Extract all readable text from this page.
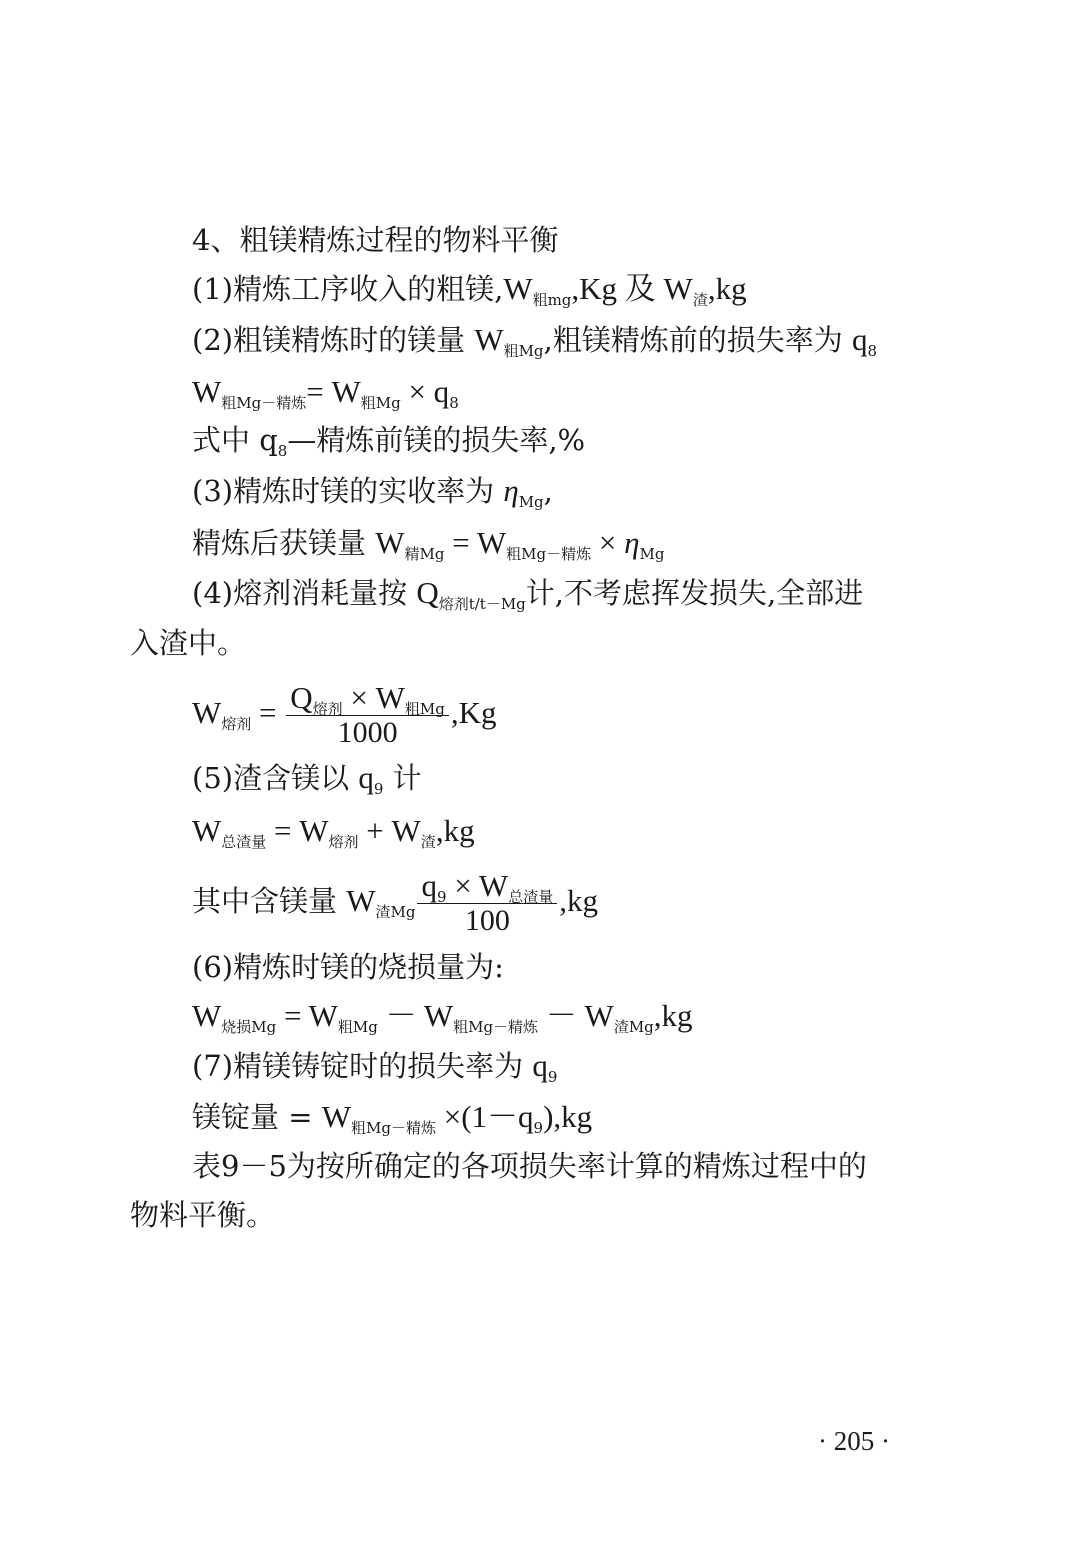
4、粗镁精炼过程的物料平衡
(1)精炼工序收入的粗镁$,W_{粗mg},Kg$ 及 $W_渣,kg$
(2)粗镁精炼时的镁量 $W_{粗Mg}$,粗镁精炼前的损失率为 $q_8$
$W_{粗Mg-精炼}= W_{粗Mg} \times q_8$
式中 $q_8—$精炼前镁的损失率,%
(3)精炼时镁的实收率为 $\eta_{Mg}$,
精炼后获镁量 $W_{精Mg} = W_{粗Mg-精炼} \times \eta_{Mg}$
(4)熔剂消耗量按 $Q_{熔剂t/t-Mg}$计,不考虑挥发损失,全部进
入渣中。
$W_{熔剂} = \frac{Q_{熔剂} \times W_{粗Mg}}{1000} ,Kg$
(5)渣含镁以 $q_9$ 计
$W_{总渣量} = W_{熔剂} + W_渣,kg$
其中含镁量 $W_{渣Mg} \frac{q_9 \times W_{总渣量}}{100} ,kg$
(6)精炼时镁的烧损量为:
$W_{烧损Mg} = W_{粗Mg} - W_{粗Mg-精炼} - W_{渣Mg},kg$
(7)精镁铸锭时的损失率为 $q_9$
镁锭量 = $W_{粗Mg-精炼} \times(1-q_9),kg$
表9－5为按所确定的各项损失率计算的精炼过程中的
物料平衡。
· 205 ·
